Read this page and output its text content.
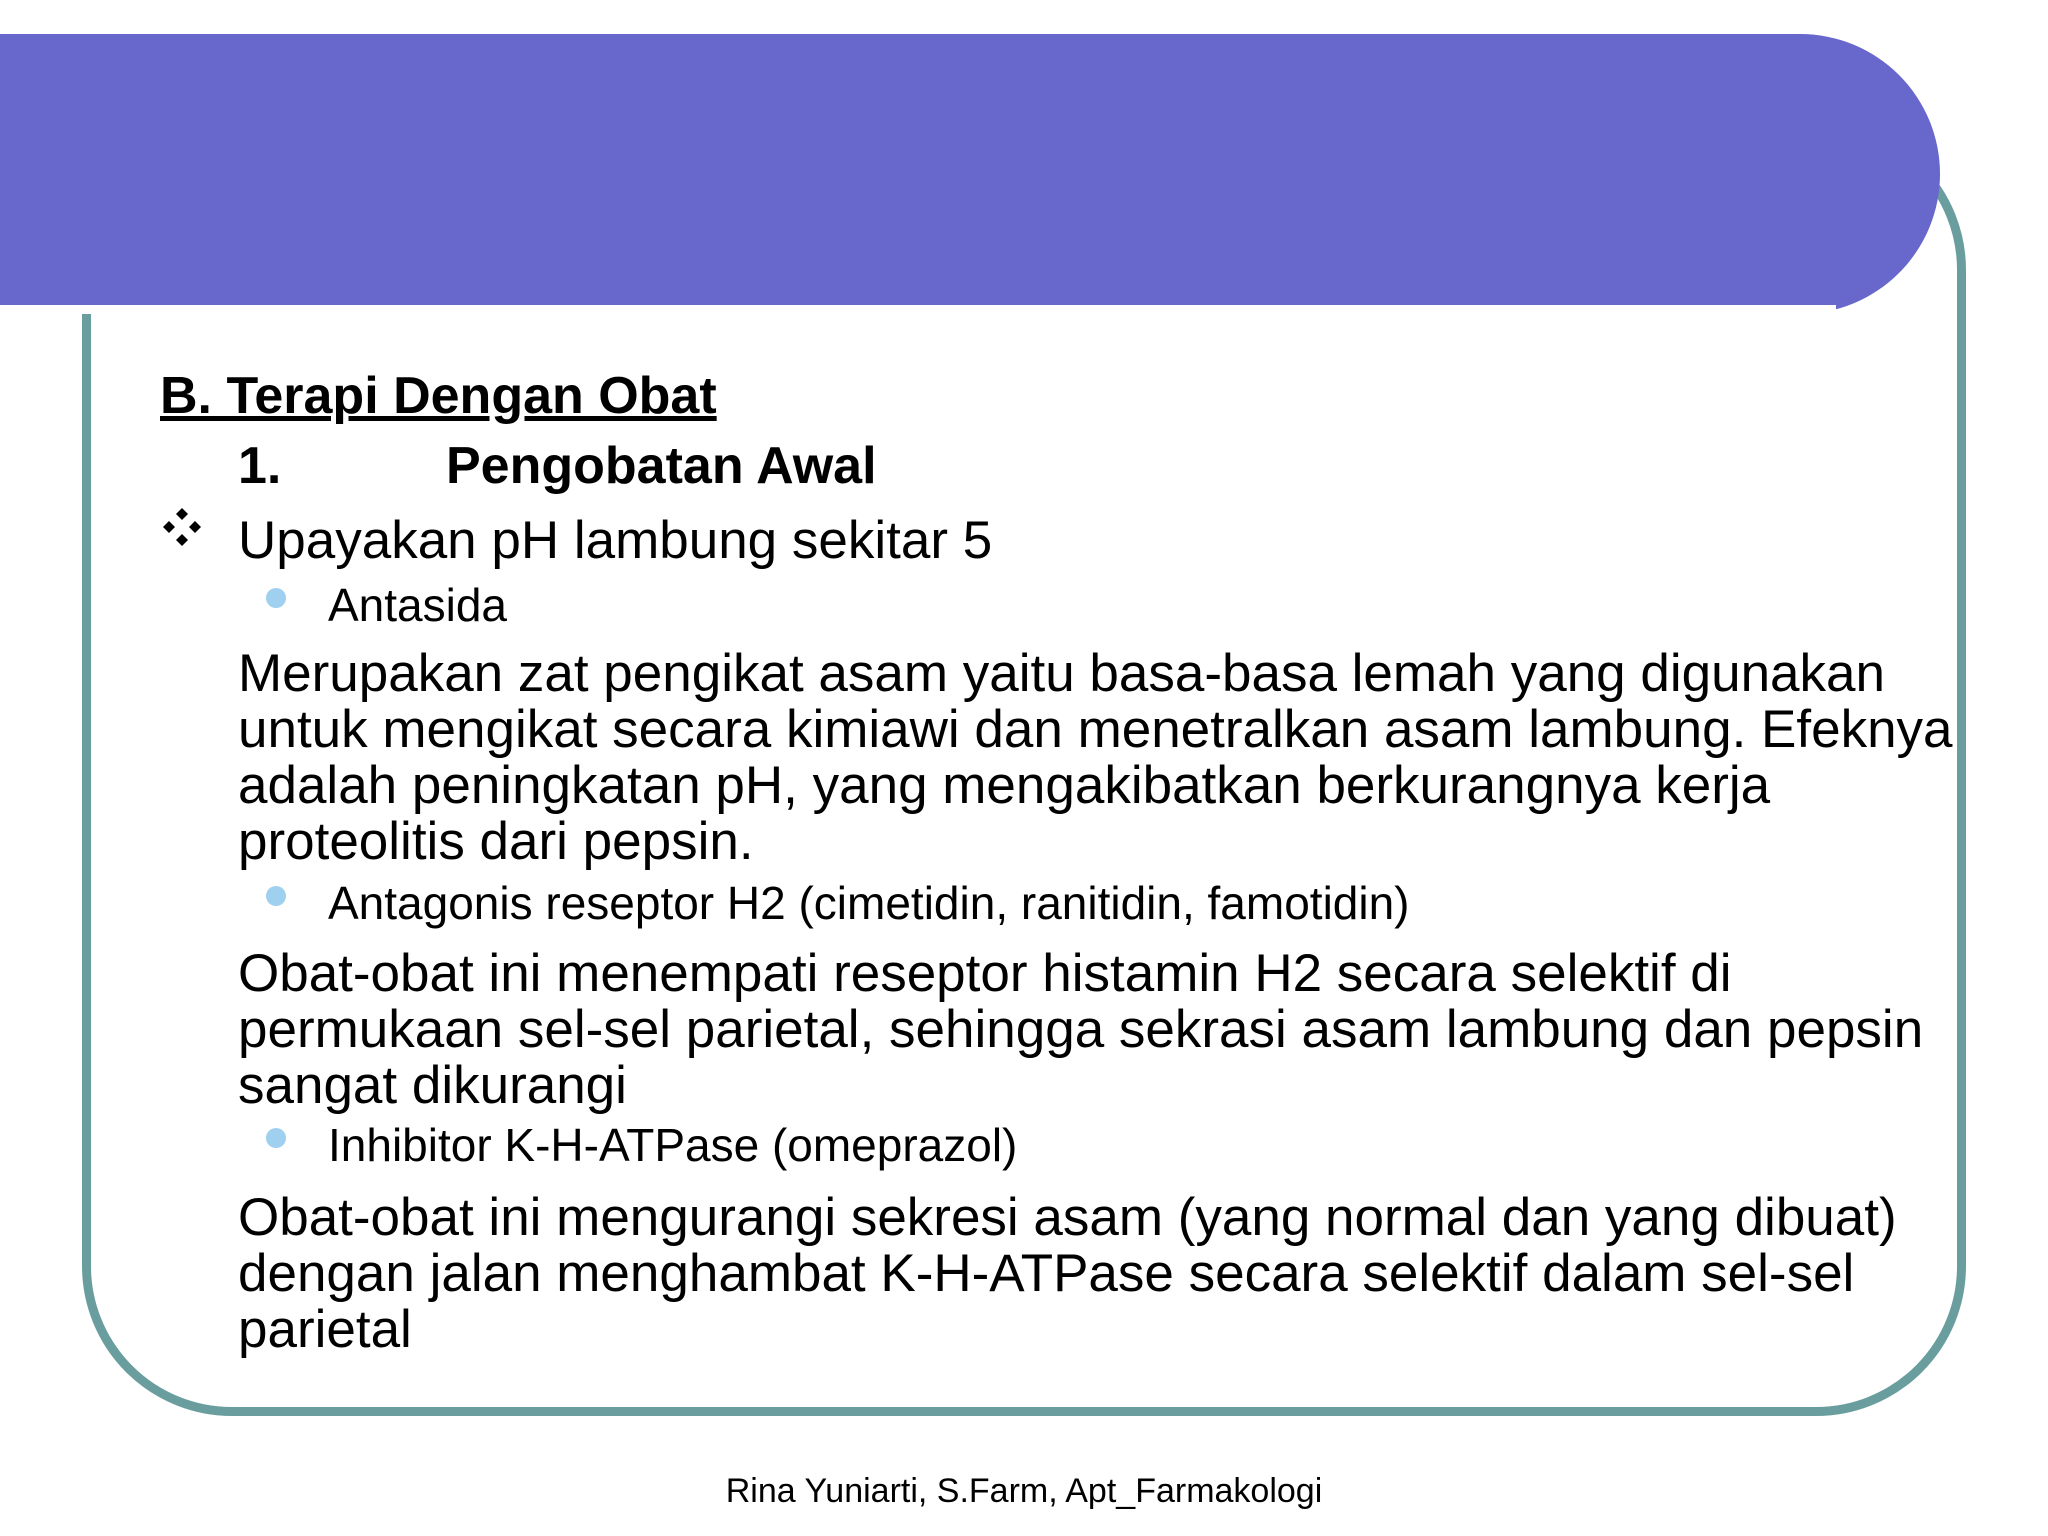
B. Terapi Dengan Obat
1.	Pengobatan Awal
Upayakan pH lambung sekitar 5
Antasida
Merupakan zat pengikat asam yaitu basa-basa lemah yang digunakan untuk mengikat secara kimiawi dan menetralkan asam lambung. Efeknya adalah peningkatan pH, yang mengakibatkan berkurangnya kerja proteolitis dari pepsin.
Antagonis reseptor H2 (cimetidin, ranitidin, famotidin)
Obat-obat ini menempati reseptor histamin H2 secara selektif di permukaan sel-sel parietal, sehingga sekrasi asam lambung dan pepsin sangat dikurangi
Inhibitor K-H-ATPase (omeprazol)
Obat-obat ini mengurangi sekresi asam (yang normal dan yang dibuat) dengan jalan menghambat K-H-ATPase secara selektif dalam sel-sel parietal
Rina Yuniarti, S.Farm, Apt_Farmakologi
